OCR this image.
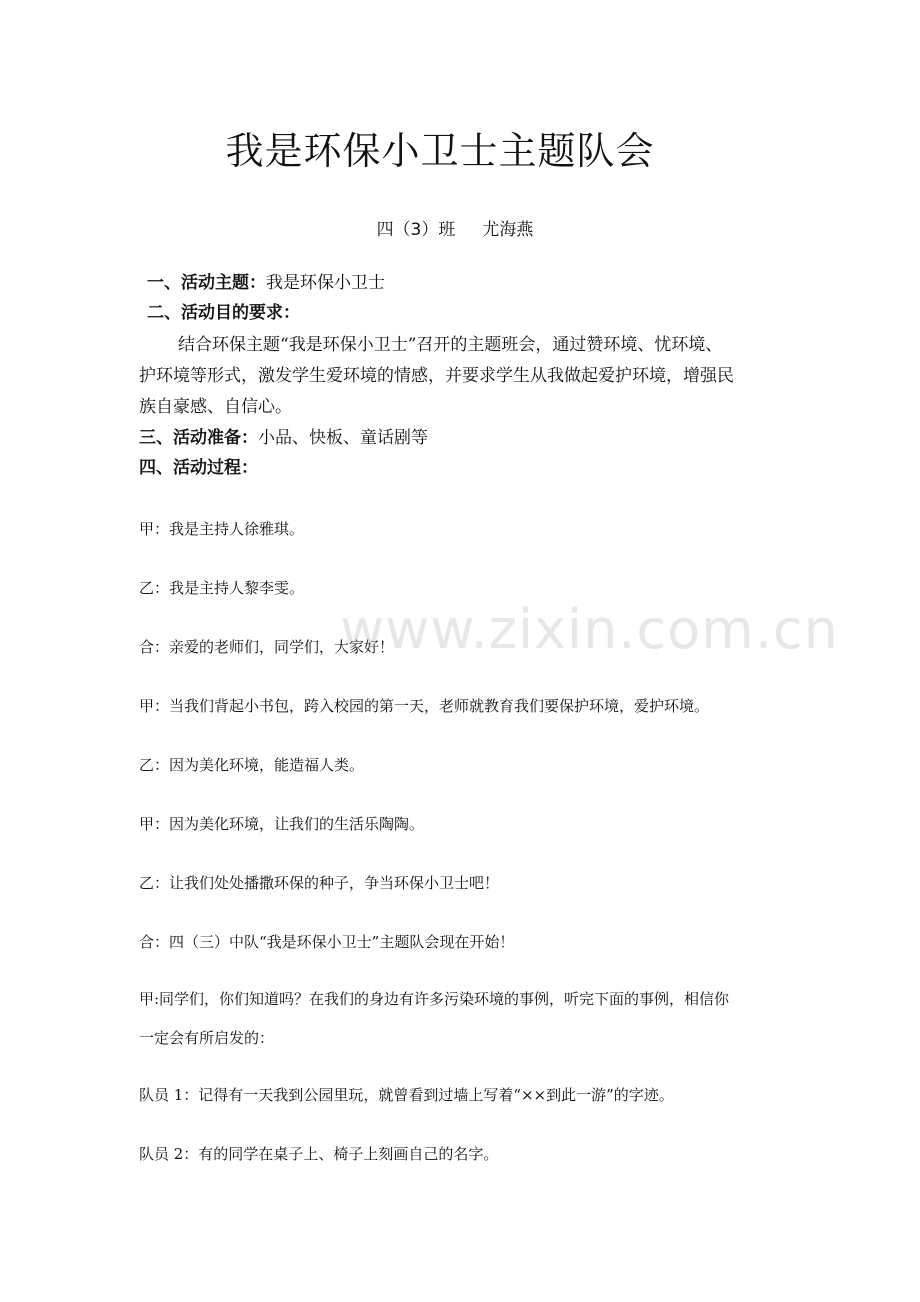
我是环保小卫士主题队会
四（3）班 尤海燕
一、活动主题：我是环保小卫士
二、活动目的要求：
结合环保主题“我是环保小卫士”召开的主题班会，通过赞环境、忧环境、
护环境等形式，激发学生爱环境的情感，并要求学生从我做起爱护环境，增强民
族自豪感、自信心。
三、活动准备：小品、快板、童话剧等
四、活动过程：
甲：我是主持人徐雅琪。
乙：我是主持人黎李雯。
合：亲爱的老师们，同学们，大家好！
甲：当我们背起小书包，跨入校园的第一天，老师就教育我们要保护环境，爱护环境。
乙：因为美化环境，能造福人类。
甲：因为美化环境，让我们的生活乐陶陶。
乙：让我们处处播撒环保的种子，争当环保小卫士吧！
合：四（三）中队“我是环保小卫士”主题队会现在开始！
甲:同学们，你们知道吗？在我们的身边有许多污染环境的事例，听完下面的事例，相信你
一定会有所启发的：
队员 1：记得有一天我到公园里玩，就曾看到过墙上写着“××到此一游”的字迹。
队员 2：有的同学在桌子上、椅子上刻画自己的名字。
www.zixin.com.cn
